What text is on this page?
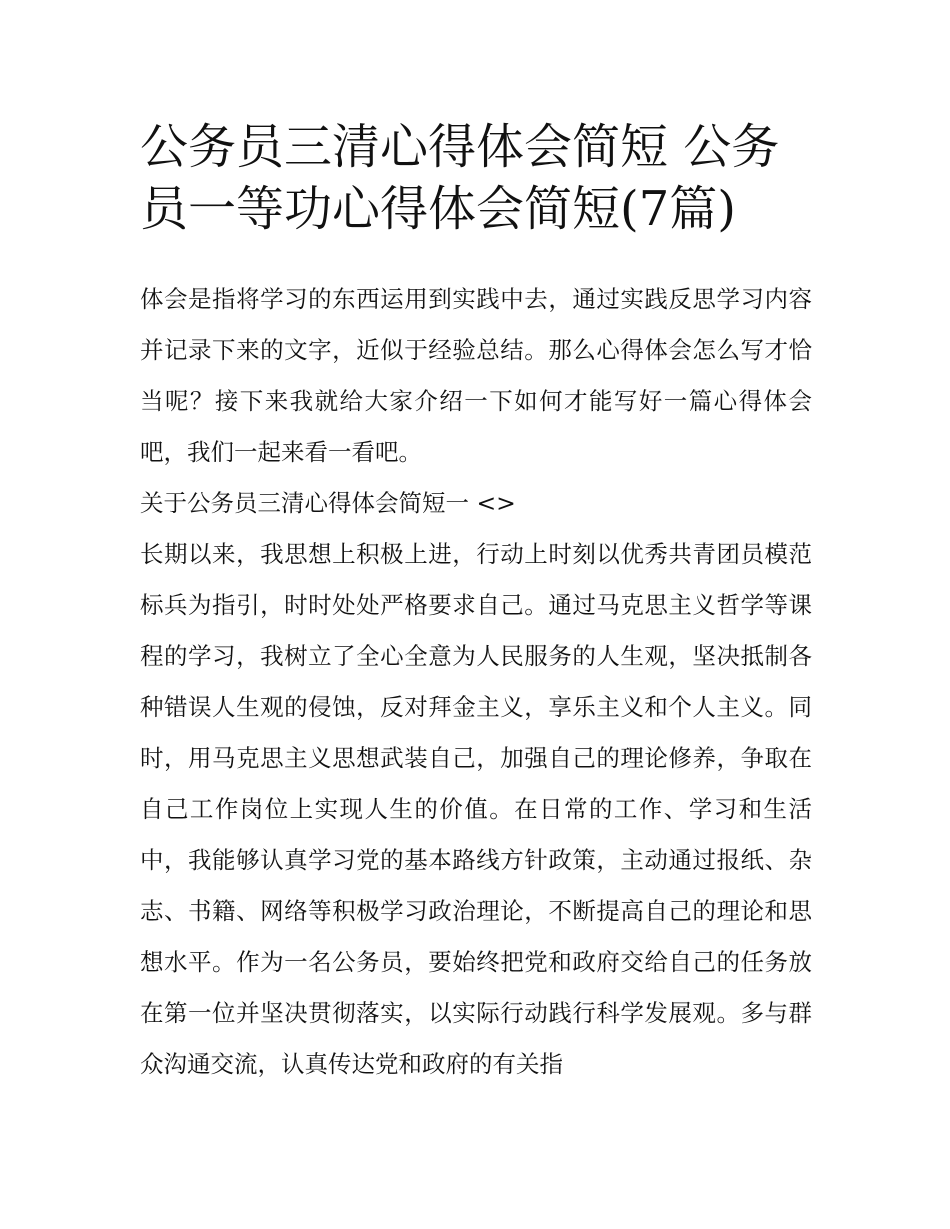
公务员三清心得体会简短 公务员一等功心得体会简短(7篇)

体会是指将学习的东西运用到实践中去，通过实践反思学习内容并记录下来的文字，近似于经验总结。那么心得体会怎么写才恰当呢？接下来我就给大家介绍一下如何才能写好一篇心得体会吧，我们一起来看一看吧。

关于公务员三清心得体会简短一 <>

长期以来，我思想上积极上进，行动上时刻以优秀共青团员模范标兵为指引，时时处处严格要求自己。通过马克思主义哲学等课程的学习，我树立了全心全意为人民服务的人生观，坚决抵制各种错误人生观的侵蚀，反对拜金主义，享乐主义和个人主义。同时，用马克思主义思想武装自己，加强自己的理论修养，争取在自己工作岗位上实现人生的价值。在日常的工作、学习和生活中，我能够认真学习党的基本路线方针政策，主动通过报纸、杂志、书籍、网络等积极学习政治理论，不断提高自己的理论和思想水平。作为一名公务员，要始终把党和政府交给自己的任务放在第一位并坚决贯彻落实，以实际行动践行科学发展观。多与群众沟通交流，认真传达党和政府的有关指
